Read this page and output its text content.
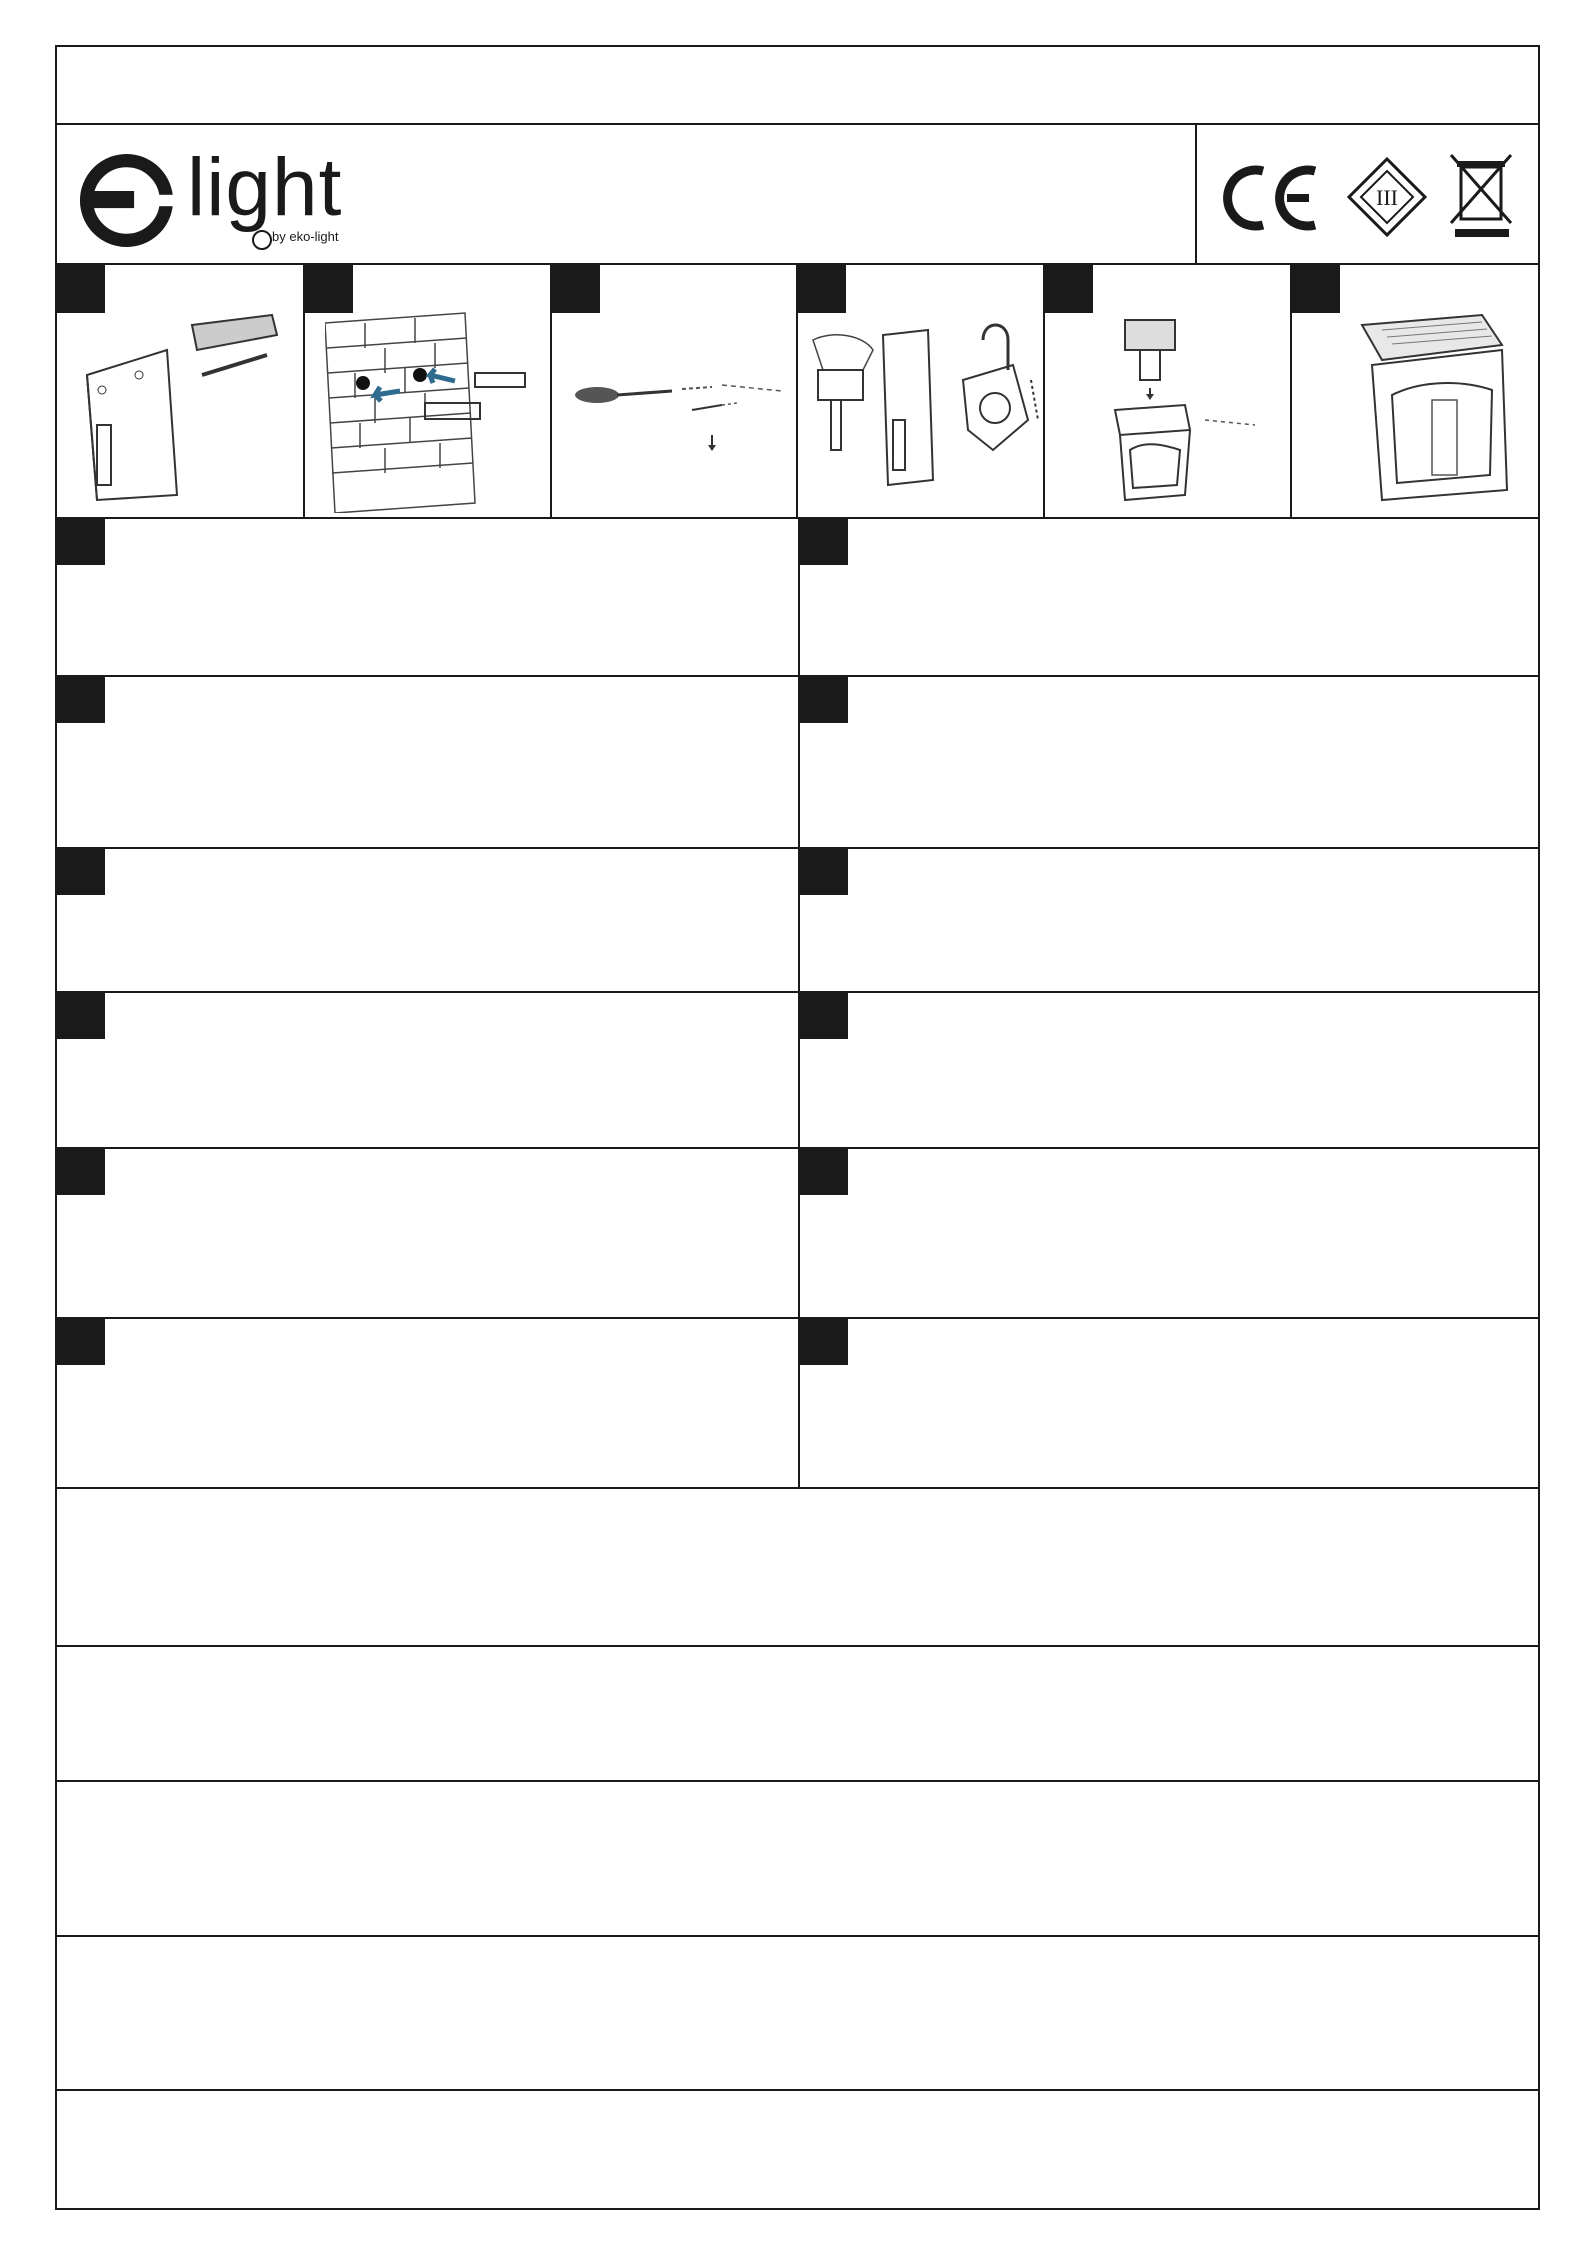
light
by eko-light
III
